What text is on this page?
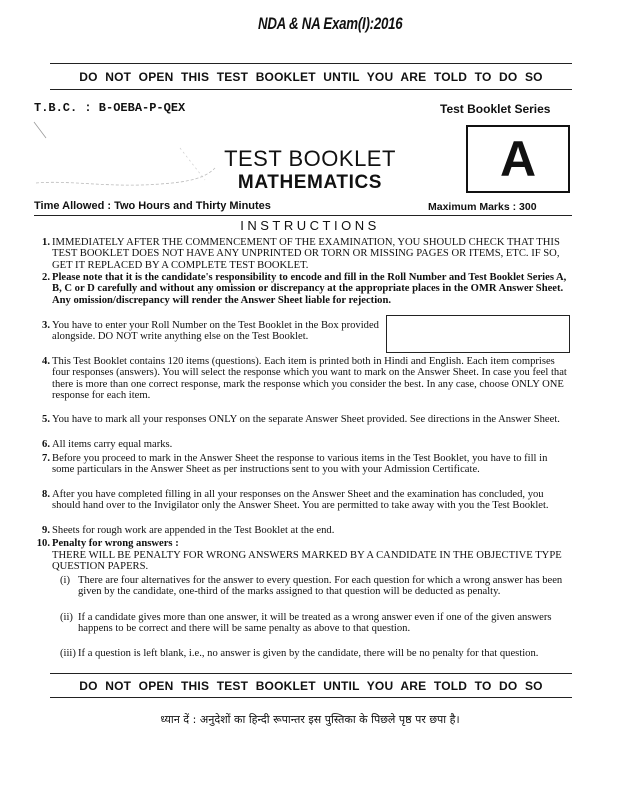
NDA & NA Exam(I):2016
DO NOT OPEN THIS TEST BOOKLET UNTIL YOU ARE TOLD TO DO SO
T.B.C. : B-OEBA-P-QEX	Test Booklet Series
A
TEST BOOKLET
MATHEMATICS
Time Allowed : Two Hours and Thirty Minutes	Maximum Marks : 300
INSTRUCTIONS
1. IMMEDIATELY AFTER THE COMMENCEMENT OF THE EXAMINATION, YOU SHOULD CHECK THAT THIS TEST BOOKLET DOES NOT HAVE ANY UNPRINTED OR TORN OR MISSING PAGES OR ITEMS, ETC. IF SO, GET IT REPLACED BY A COMPLETE TEST BOOKLET.
2. Please note that it is the candidate's responsibility to encode and fill in the Roll Number and Test Booklet Series A, B, C or D carefully and without any omission or discrepancy at the appropriate places in the OMR Answer Sheet. Any omission/discrepancy will render the Answer Sheet liable for rejection.
3. You have to enter your Roll Number on the Test Booklet in the Box provided alongside. DO NOT write anything else on the Test Booklet.
4. This Test Booklet contains 120 items (questions). Each item is printed both in Hindi and English. Each item comprises four responses (answers). You will select the response which you want to mark on the Answer Sheet. In case you feel that there is more than one correct response, mark the response which you consider the best. In any case, choose ONLY ONE response for each item.
5. You have to mark all your responses ONLY on the separate Answer Sheet provided. See directions in the Answer Sheet.
6. All items carry equal marks.
7. Before you proceed to mark in the Answer Sheet the response to various items in the Test Booklet, you have to fill in some particulars in the Answer Sheet as per instructions sent to you with your Admission Certificate.
8. After you have completed filling in all your responses on the Answer Sheet and the examination has concluded, you should hand over to the Invigilator only the Answer Sheet. You are permitted to take away with you the Test Booklet.
9. Sheets for rough work are appended in the Test Booklet at the end.
10. Penalty for wrong answers :
THERE WILL BE PENALTY FOR WRONG ANSWERS MARKED BY A CANDIDATE IN THE OBJECTIVE TYPE QUESTION PAPERS.
(i) There are four alternatives for the answer to every question. For each question for which a wrong answer has been given by the candidate, one-third of the marks assigned to that question will be deducted as penalty.
(ii) If a candidate gives more than one answer, it will be treated as a wrong answer even if one of the given answers happens to be correct and there will be same penalty as above to that question.
(iii) If a question is left blank, i.e., no answer is given by the candidate, there will be no penalty for that question.
DO NOT OPEN THIS TEST BOOKLET UNTIL YOU ARE TOLD TO DO SO
ध्यान दें : अनुदेशों का हिन्दी रूपान्तर इस पुस्तिका के पिछले पृष्ठ पर छपा है।
